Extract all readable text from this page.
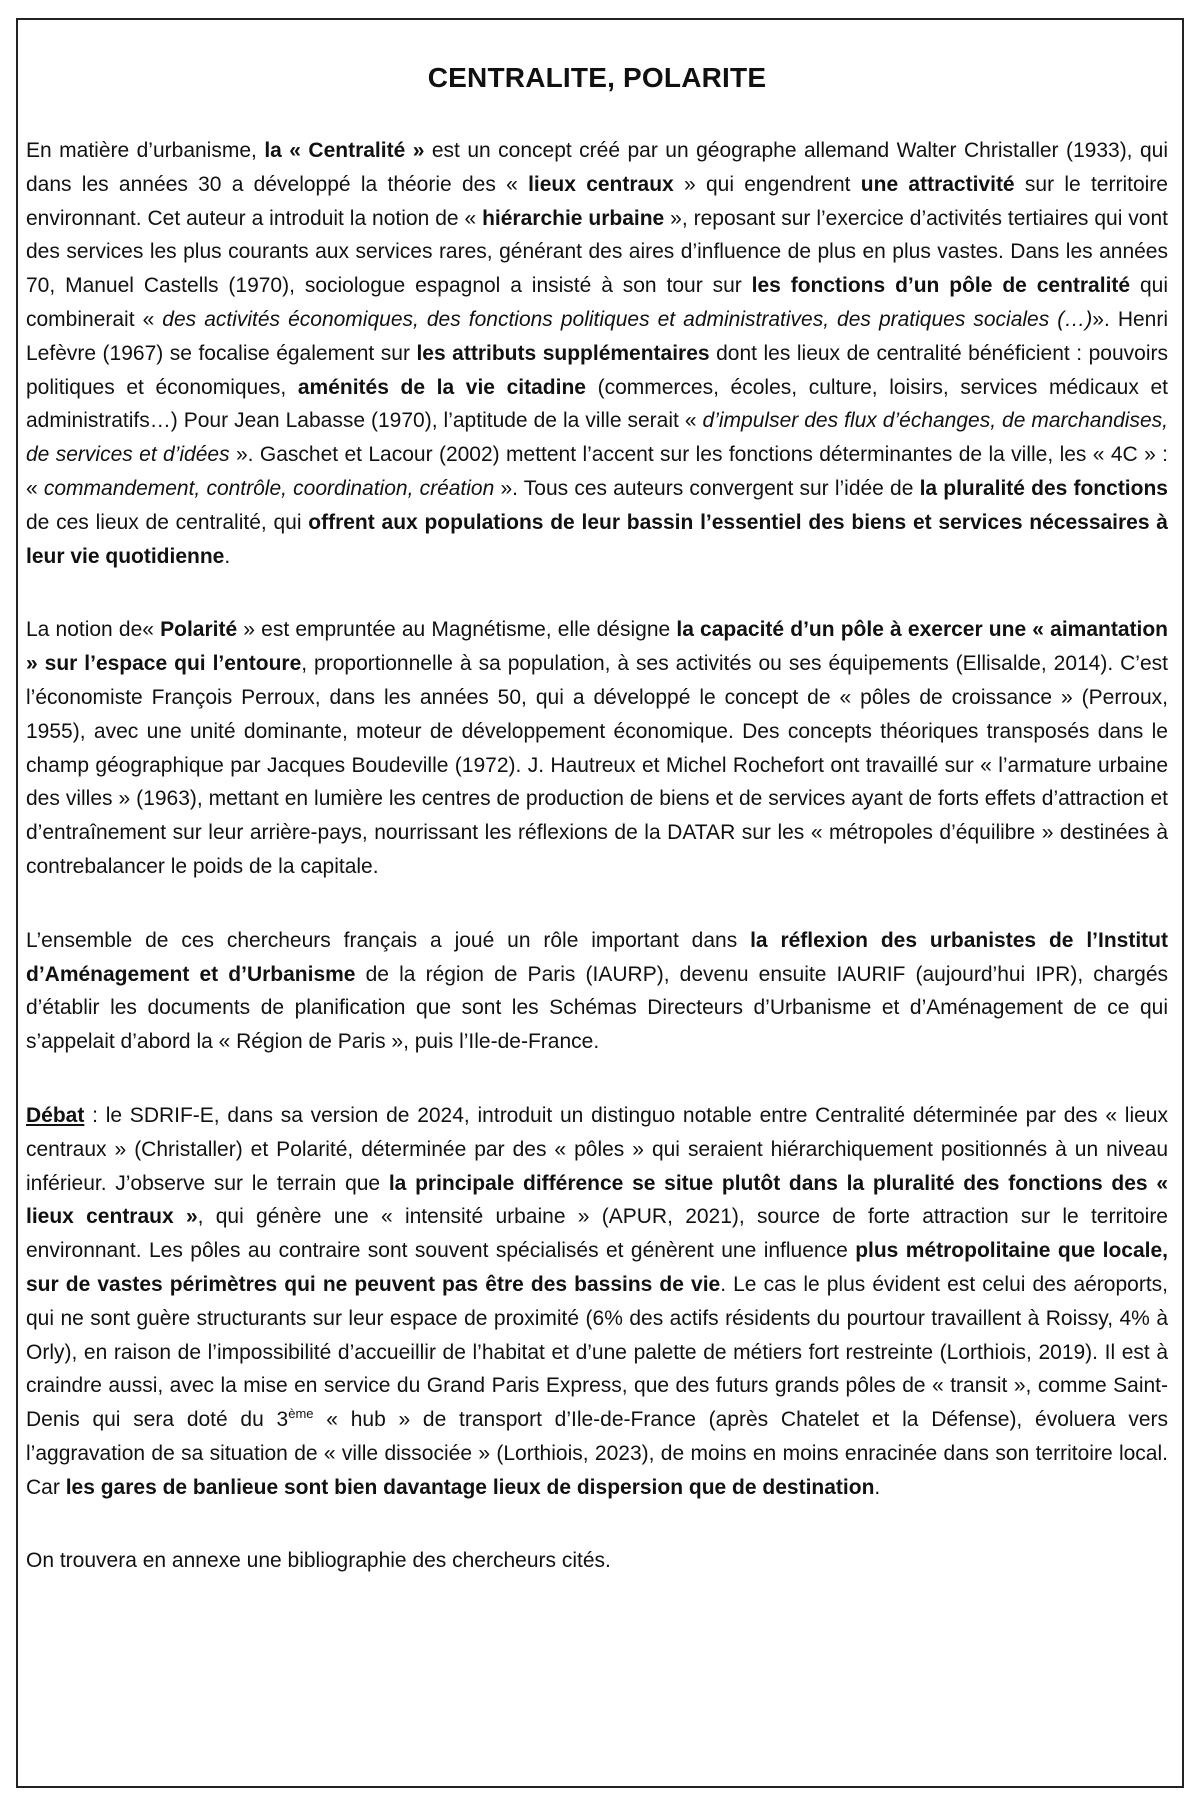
CENTRALITE, POLARITE

En matière d’urbanisme, la « Centralité » est un concept créé par un géographe allemand Walter Christaller (1933), qui dans les années 30 a développé la théorie des « lieux centraux » qui engendrent une attractivité sur le territoire environnant. Cet auteur a introduit la notion de « hiérarchie urbaine », reposant sur l’exercice d’activités tertiaires qui vont des services les plus courants aux services rares, générant des aires d’influence de plus en plus vastes. Dans les années 70, Manuel Castells (1970), sociologue espagnol a insisté à son tour sur les fonctions d’un pôle de centralité qui combinerait « des activités économiques, des fonctions politiques et administratives, des pratiques sociales (…)». Henri Lefèvre (1967) se focalise également sur les attributs supplémentaires dont les lieux de centralité bénéficient : pouvoirs politiques et économiques, aménités de la vie citadine (commerces, écoles, culture, loisirs, services médicaux et administratifs…) Pour Jean Labasse (1970), l’aptitude de la ville serait « d’impulser des flux d’échanges, de marchandises, de services et d’idées ». Gaschet et Lacour (2002) mettent l’accent sur les fonctions déterminantes de la ville, les « 4C » : « commandement, contrôle, coordination, création ». Tous ces auteurs convergent sur l’idée de la pluralité des fonctions de ces lieux de centralité, qui offrent aux populations de leur bassin l’essentiel des biens et services nécessaires à leur vie quotidienne.

La notion de« Polarité » est empruntée au Magnétisme, elle désigne la capacité d’un pôle à exercer une « aimantation » sur l’espace qui l’entoure, proportionnelle à sa population, à ses activités ou ses équipements (Ellisalde, 2014). C’est l’économiste François Perroux, dans les années 50, qui a développé le concept de « pôles de croissance » (Perroux, 1955), avec une unité dominante, moteur de développement économique. Des concepts théoriques transposés dans le champ géographique par Jacques Boudeville (1972). J. Hautreux et Michel Rochefort ont travaillé sur « l’armature urbaine des villes » (1963), mettant en lumière les centres de production de biens et de services ayant de forts effets d’attraction et d’entraînement sur leur arrière-pays, nourrissant les réflexions de la DATAR sur les « métropoles d’équilibre » destinées à contrebalancer le poids de la capitale.

L’ensemble de ces chercheurs français a joué un rôle important dans la réflexion des urbanistes de l’Institut d’Aménagement et d’Urbanisme de la région de Paris (IAURP), devenu ensuite IAURIF (aujourd’hui IPR), chargés d’établir les documents de planification que sont les Schémas Directeurs d’Urbanisme et d’Aménagement de ce qui s’appelait d’abord la « Région de Paris », puis l’Ile-de-France.

Débat : le SDRIF-E, dans sa version de 2024, introduit un distinguo notable entre Centralité déterminée par des « lieux centraux » (Christaller) et Polarité, déterminée par des « pôles » qui seraient hiérarchiquement positionnés à un niveau inférieur. J’observe sur le terrain que la principale différence se situe plutôt dans la pluralité des fonctions des « lieux centraux », qui génère une « intensité urbaine » (APUR, 2021), source de forte attraction sur le territoire environnant. Les pôles au contraire sont souvent spécialisés et génèrent une influence plus métropolitaine que locale, sur de vastes périmètres qui ne peuvent pas être des bassins de vie. Le cas le plus évident est celui des aéroports, qui ne sont guère structurants sur leur espace de proximité (6% des actifs résidents du pourtour travaillent à Roissy, 4% à Orly), en raison de l’impossibilité d’accueillir de l’habitat et d’une palette de métiers fort restreinte (Lorthiois, 2019). Il est à craindre aussi, avec la mise en service du Grand Paris Express, que des futurs grands pôles de « transit », comme Saint-Denis qui sera doté du 3ème « hub » de transport d’Ile-de-France (après Chatelet et la Défense), évoluera vers l’aggravation de sa situation de « ville dissociée » (Lorthiois, 2023), de moins en moins enracinée dans son territoire local. Car les gares de banlieue sont bien davantage lieux de dispersion que de destination.

On trouvera en annexe une bibliographie des chercheurs cités.
